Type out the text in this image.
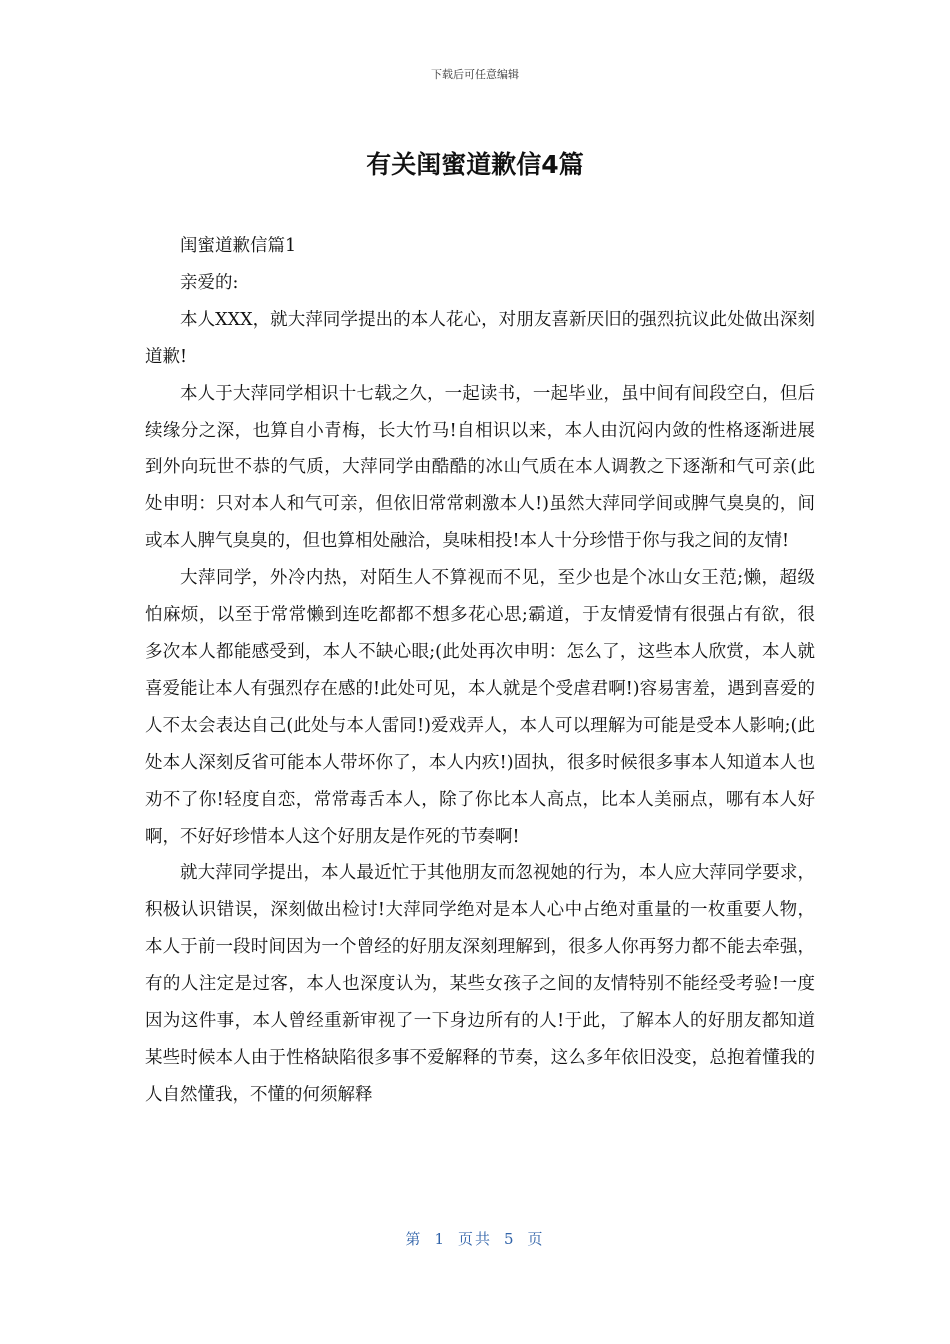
下载后可任意编辑
有关闺蜜道歉信4篇

闺蜜道歉信篇1

亲爱的:

本人XXX，就大萍同学提出的本人花心，对朋友喜新厌旧的强烈抗议此处做出深刻道歉!

本人于大萍同学相识十七载之久，一起读书，一起毕业，虽中间有间段空白，但后续缘分之深，也算自小青梅，长大竹马!自相识以来，本人由沉闷内敛的性格逐渐进展到外向玩世不恭的气质，大萍同学由酷酷的冰山气质在本人调教之下逐渐和气可亲(此处申明：只对本人和气可亲，但依旧常常刺激本人!)虽然大萍同学间或脾气臭臭的，间或本人脾气臭臭的，但也算相处融洽，臭味相投!本人十分珍惜于你与我之间的友情!

大萍同学，外冷内热，对陌生人不算视而不见，至少也是个冰山女王范;懒，超级怕麻烦，以至于常常懒到连吃都都不想多花心思;霸道，于友情爱情有很强占有欲，很多次本人都能感受到，本人不缺心眼;(此处再次申明：怎么了，这些本人欣赏，本人就喜爱能让本人有强烈存在感的!此处可见，本人就是个受虐君啊!)容易害羞，遇到喜爱的人不太会表达自己(此处与本人雷同!)爱戏弄人，本人可以理解为可能是受本人影响;(此处本人深刻反省可能本人带坏你了，本人内疚!)固执，很多时候很多事本人知道本人也劝不了你!轻度自恋，常常毒舌本人，除了你比本人高点，比本人美丽点，哪有本人好啊，不好好珍惜本人这个好朋友是作死的节奏啊!

就大萍同学提出，本人最近忙于其他朋友而忽视她的行为，本人应大萍同学要求，积极认识错误，深刻做出检讨!大萍同学绝对是本人心中占绝对重量的一枚重要人物，本人于前一段时间因为一个曾经的好朋友深刻理解到，很多人你再努力都不能去牵强，有的人注定是过客，本人也深度认为，某些女孩子之间的友情特别不能经受考验!一度因为这件事，本人曾经重新审视了一下身边所有的人!于此，了解本人的好朋友都知道某些时候本人由于性格缺陷很多事不爱解释的节奏，这么多年依旧没变，总抱着懂我的人自然懂我，不懂的何须解释

第 1 页共 5 页
